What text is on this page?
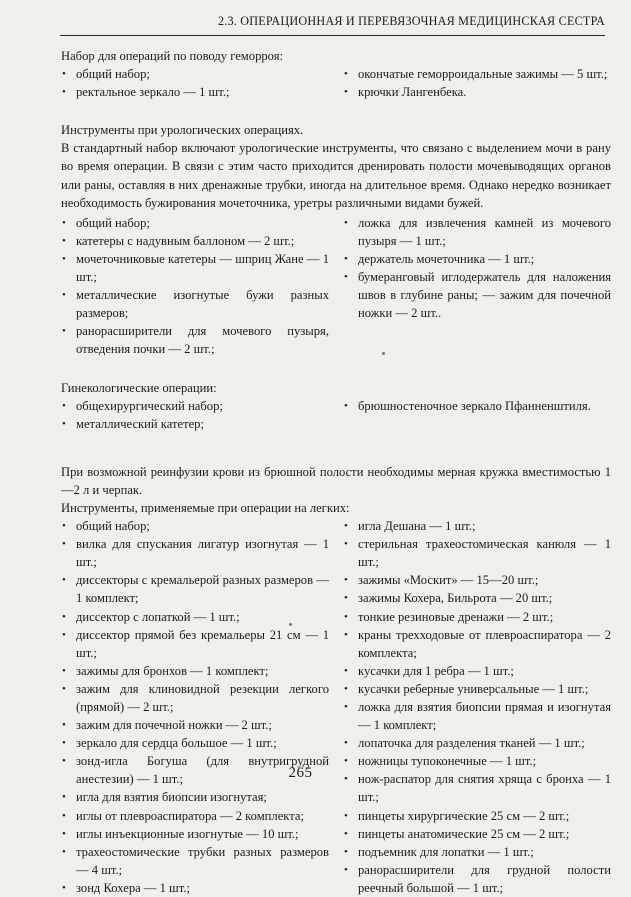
2.3. ОПЕРАЦИОННАЯ И ПЕРЕВЯЗОЧНАЯ МЕДИЦИНСКАЯ СЕСТРА

Набор для операций по поводу геморроя:

• общий набор;
• ректальное зеркало — 1 шт.;
• окончатые геморроидальные зажимы — 5 шт.;
• крючки Лангенбека.

Инструменты при урологических операциях.

В стандартный набор включают урологические инструменты, что связано с выделением мочи в рану во время операции. В связи с этим часто приходится дренировать полости мочевыводящих органов или раны, оставляя в них дренажные трубки, иногда на длительное время. Однако нередко возникает необходимость бужирования мочеточника, уретры различными видами бужей.

• общий набор;
• катетеры с надувным баллоном — 2 шт.;
• мочеточниковые катетеры — шприц Жане — 1 шт.;
• металлические изогнутые бужи разных размеров;
• ранорасширители для мочевого пузыря, отведения почки — 2 шт.;
• ложка для извлечения камней из мочевого пузыря — 1 шт.;
• держатель мочеточника — 1 шт.;
• бумеранговый иглодержатель для наложения швов в глубине раны; — зажим для почечной ножки — 2 шт..

Гинекологические операции:

• общехирургический набор;
• металлический катетер;
• брюшностеночное зеркало Пфанненштиля.

При возможной реинфузии крови из брюшной полости необходимы мерная кружка вместимостью 1—2 л и черпак.

Инструменты, применяемые при операции на легких:

• общий набор;
• вилка для спускания лигатур изогнутая — 1 шт.;
• диссекторы с кремальерой разных размеров — 1 комплект;
• диссектор с лопаткой — 1 шт.;
• диссектор прямой без кремальеры 21 см — 1 шт.;
• зажимы для бронхов — 1 комплект;
• зажим для клиновидной резекции легкого (прямой) — 2 шт.;
• зажим для почечной ножки — 2 шт.;
• зеркало для сердца большое — 1 шт.;
• зонд-игла Богуша (для внутригрудной анестезии) — 1 шт.;
• игла для взятия биопсии изогнутая;
• иглы от плевроаспиратора — 2 комплекта;
• иглы инъекционные изогнутые — 10 шт.;
• трахеостомические трубки разных размеров — 4 шт.;
• зонд Кохера — 1 шт.;
• игла Дешана — 1 шт.;
• стерильная трахеостомическая канюля — 1 шт.;
• зажимы «Москит» — 15—20 шт.;
• зажимы Кохера, Бильрота — 20 шт.;
• тонкие резиновые дренажи — 2 шт.;
• краны трехходовые от плевроаспиратора — 2 комплекта;
• кусачки для 1 ребра — 1 шт.;
• кусачки реберные универсальные — 1 шт.;
• ложка для взятия биопсии прямая и изогнутая — 1 комплект;
• лопаточка для разделения тканей — 1 шт.;
• ножницы тупоконечные — 1 шт.;
• нож-распатор для снятия хряща с бронха — 1 шт.;
• пинцеты хирургические 25 см — 2 шт.;
• пинцеты анатомические 25 см — 2 шт.;
• подъемник для лопатки — 1 шт.;
• ранорасширители для грудной полости реечный большой — 1 шт.;
265
